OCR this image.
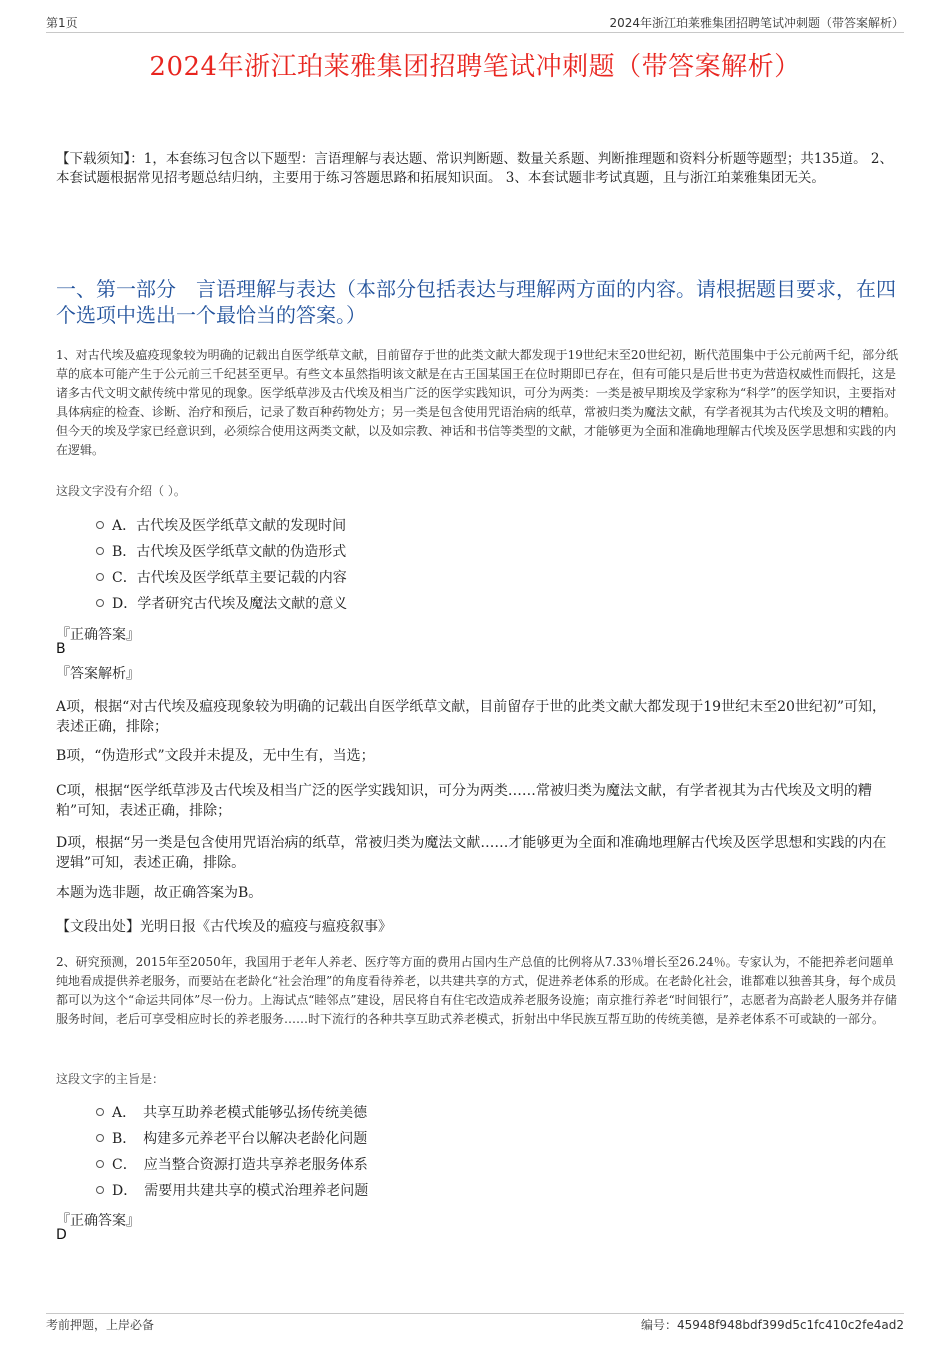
第1页	2024年浙江珀莱雅集团招聘笔试冲刺题（带答案解析）
2024年浙江珀莱雅集团招聘笔试冲刺题（带答案解析）
【下载须知】：1，本套练习包含以下题型：言语理解与表达题、常识判断题、数量关系题、判断推理题和资料分析题等题型；共135道。 2、本套试题根据常见招考题总结归纳，主要用于练习答题思路和拓展知识面。 3、本套试题非考试真题，且与浙江珀莱雅集团无关。
一、第一部分　言语理解与表达（本部分包括表达与理解两方面的内容。请根据题目要求，在四个选项中选出一个最恰当的答案。）
1、对古代埃及瘟疫现象较为明确的记载出自医学纸草文献，目前留存于世的此类文献大都发现于19世纪末至20世纪初，断代范围集中于公元前两千纪，部分纸草的底本可能产生于公元前三千纪甚至更早。有些文本虽然指明该文献是在古王国某国王在位时期即已存在，但有可能只是后世书吏为营造权威性而假托，这是诸多古代文明文献传统中常见的现象。医学纸草涉及古代埃及相当广泛的医学实践知识，可分为两类：一类是被早期埃及学家称为“科学”的医学知识，主要指对具体病症的检查、诊断、治疗和预后，记录了数百种药物处方；另一类是包含使用咒语治病的纸草，常被归类为魔法文献，有学者视其为古代埃及文明的糟粕。但今天的埃及学家已经意识到，必须综合使用这两类文献，以及如宗教、神话和书信等类型的文献，才能够更为全面和准确地理解古代埃及医学思想和实践的内在逻辑。
这段文字没有介绍（ ）。
A．古代埃及医学纸草文献的发现时间
B．古代埃及医学纸草文献的伪造形式
C．古代埃及医学纸草主要记载的内容
D．学者研究古代埃及魔法文献的意义
『正确答案』
B
『答案解析』
A项，根据“对古代埃及瘟疫现象较为明确的记载出自医学纸草文献，目前留存于世的此类文献大都发现于19世纪末至20世纪初”可知，表述正确，排除；
B项，“伪造形式”文段并未提及，无中生有，当选；
C项，根据“医学纸草涉及古代埃及相当广泛的医学实践知识，可分为两类……常被归类为魔法文献，有学者视其为古代埃及文明的糟粕”可知，表述正确，排除；
D项，根据“另一类是包含使用咒语治病的纸草，常被归类为魔法文献……才能够更为全面和准确地理解古代埃及医学思想和实践的内在逻辑”可知，表述正确，排除。
本题为选非题，故正确答案为B。
【文段出处】光明日报《古代埃及的瘟疫与瘟疫叙事》
2、研究预测，2015年至2050年，我国用于老年人养老、医疗等方面的费用占国内生产总值的比例将从7.33％增长至26.24％。专家认为，不能把养老问题单纯地看成提供养老服务，而要站在老龄化“社会治理”的角度看待养老，以共建共享的方式，促进养老体系的形成。在老龄化社会，谁都难以独善其身，每个成员都可以为这个“命运共同体”尽一份力。上海试点“睦邻点”建设，居民将自有住宅改造成养老服务设施；南京推行养老“时间银行”，志愿者为高龄老人服务并存储服务时间，老后可享受相应时长的养老服务……时下流行的各种共享互助式养老模式，折射出中华民族互帮互助的传统美德，是养老体系不可或缺的一部分。
这段文字的主旨是：
A．　共享互助养老模式能够弘扬传统美德
B．　构建多元养老平台以解决老龄化问题
C．　应当整合资源打造共享养老服务体系
D．　需要用共建共享的模式治理养老问题
『正确答案』
D
考前押题，上岸必备	编号：45948f948bdf399d5c1fc410c2fe4ad2
